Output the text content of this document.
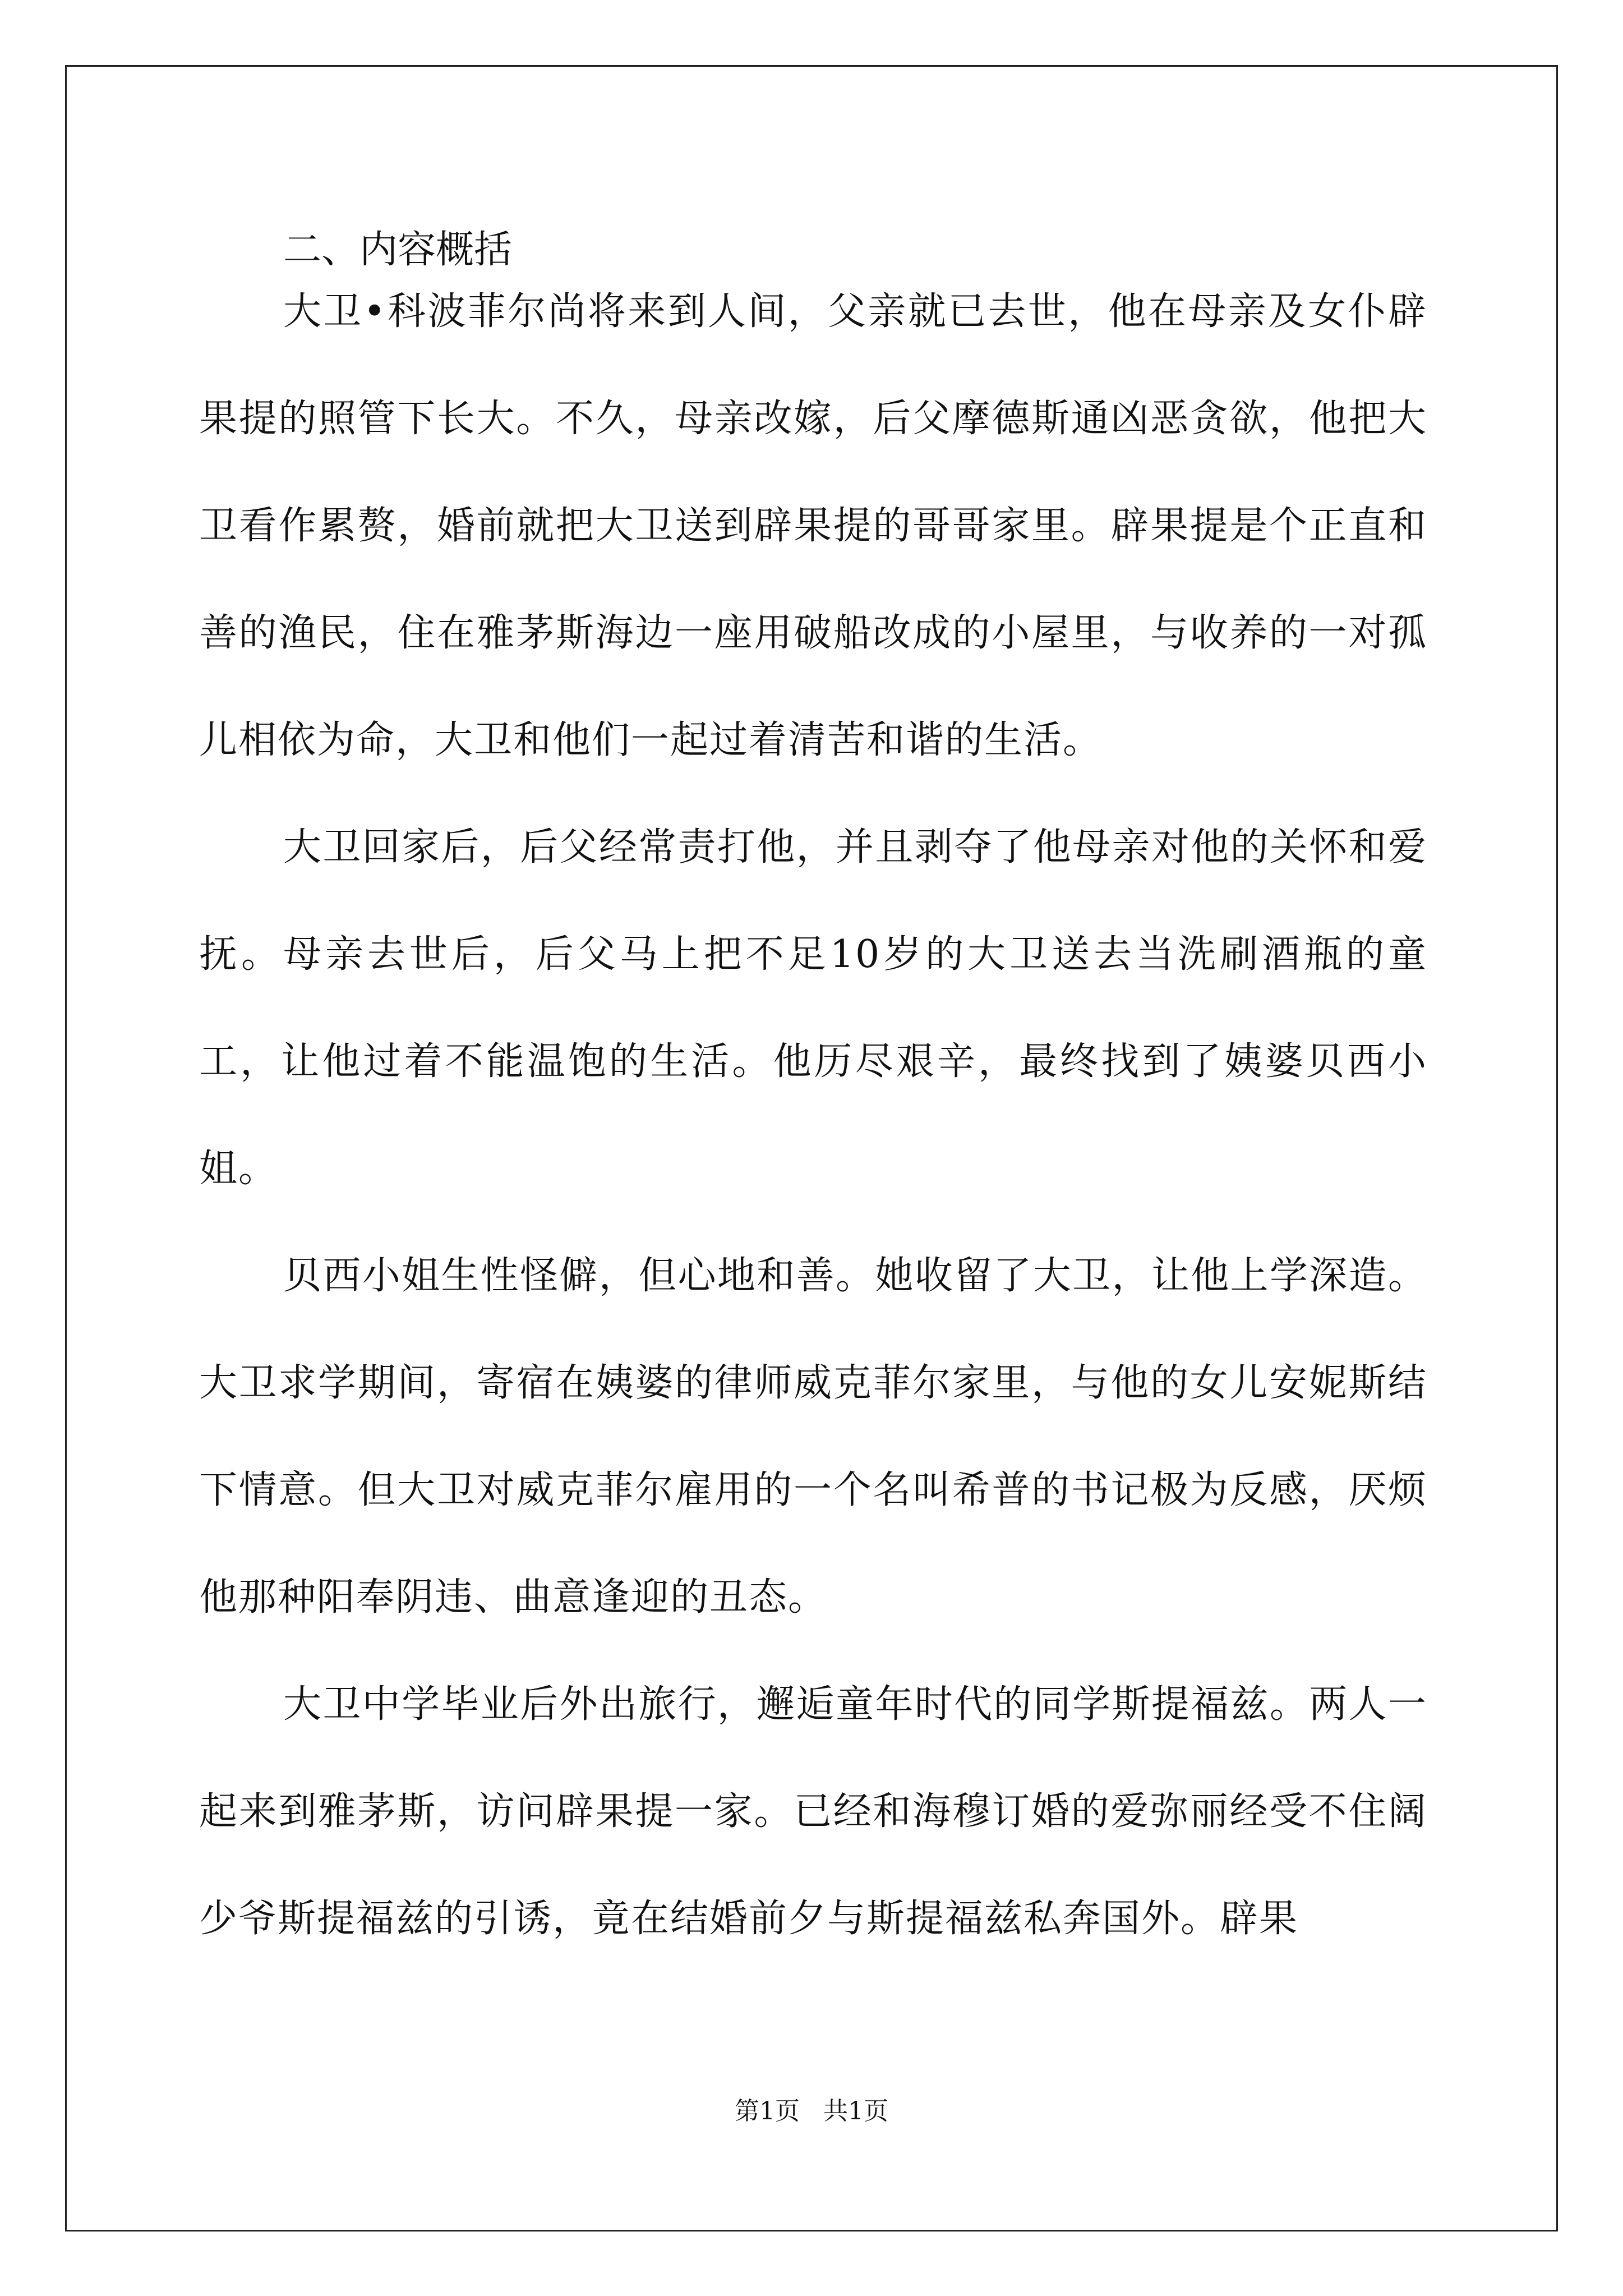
二、内容概括

大卫•科波菲尔尚将来到人间，父亲就已去世，他在母亲及女仆辟果提的照管下长大。不久，母亲改嫁，后父摩德斯通凶恶贪欲，他把大卫看作累赘，婚前就把大卫送到辟果提的哥哥家里。辟果提是个正直和善的渔民，住在雅茅斯海边一座用破船改成的小屋里，与收养的一对孤儿相依为命，大卫和他们一起过着清苦和谐的生活。

大卫回家后，后父经常责打他，并且剥夺了他母亲对他的关怀和爱抚。母亲去世后，后父马上把不足10岁的大卫送去当洗刷酒瓶的童工，让他过着不能温饱的生活。他历尽艰辛，最终找到了姨婆贝西小姐。

贝西小姐生性怪僻，但心地和善。她收留了大卫，让他上学深造。大卫求学期间，寄宿在姨婆的律师威克菲尔家里，与他的女儿安妮斯结下情意。但大卫对威克菲尔雇用的一个名叫希普的书记极为反感，厌烦他那种阳奉阴违、曲意逢迎的丑态。

大卫中学毕业后外出旅行，邂逅童年时代的同学斯提福兹。两人一起来到雅茅斯，访问辟果提一家。已经和海穆订婚的爱弥丽经受不住阔少爷斯提福兹的引诱，竟在结婚前夕与斯提福兹私奔国外。辟果

第1页   共1页
